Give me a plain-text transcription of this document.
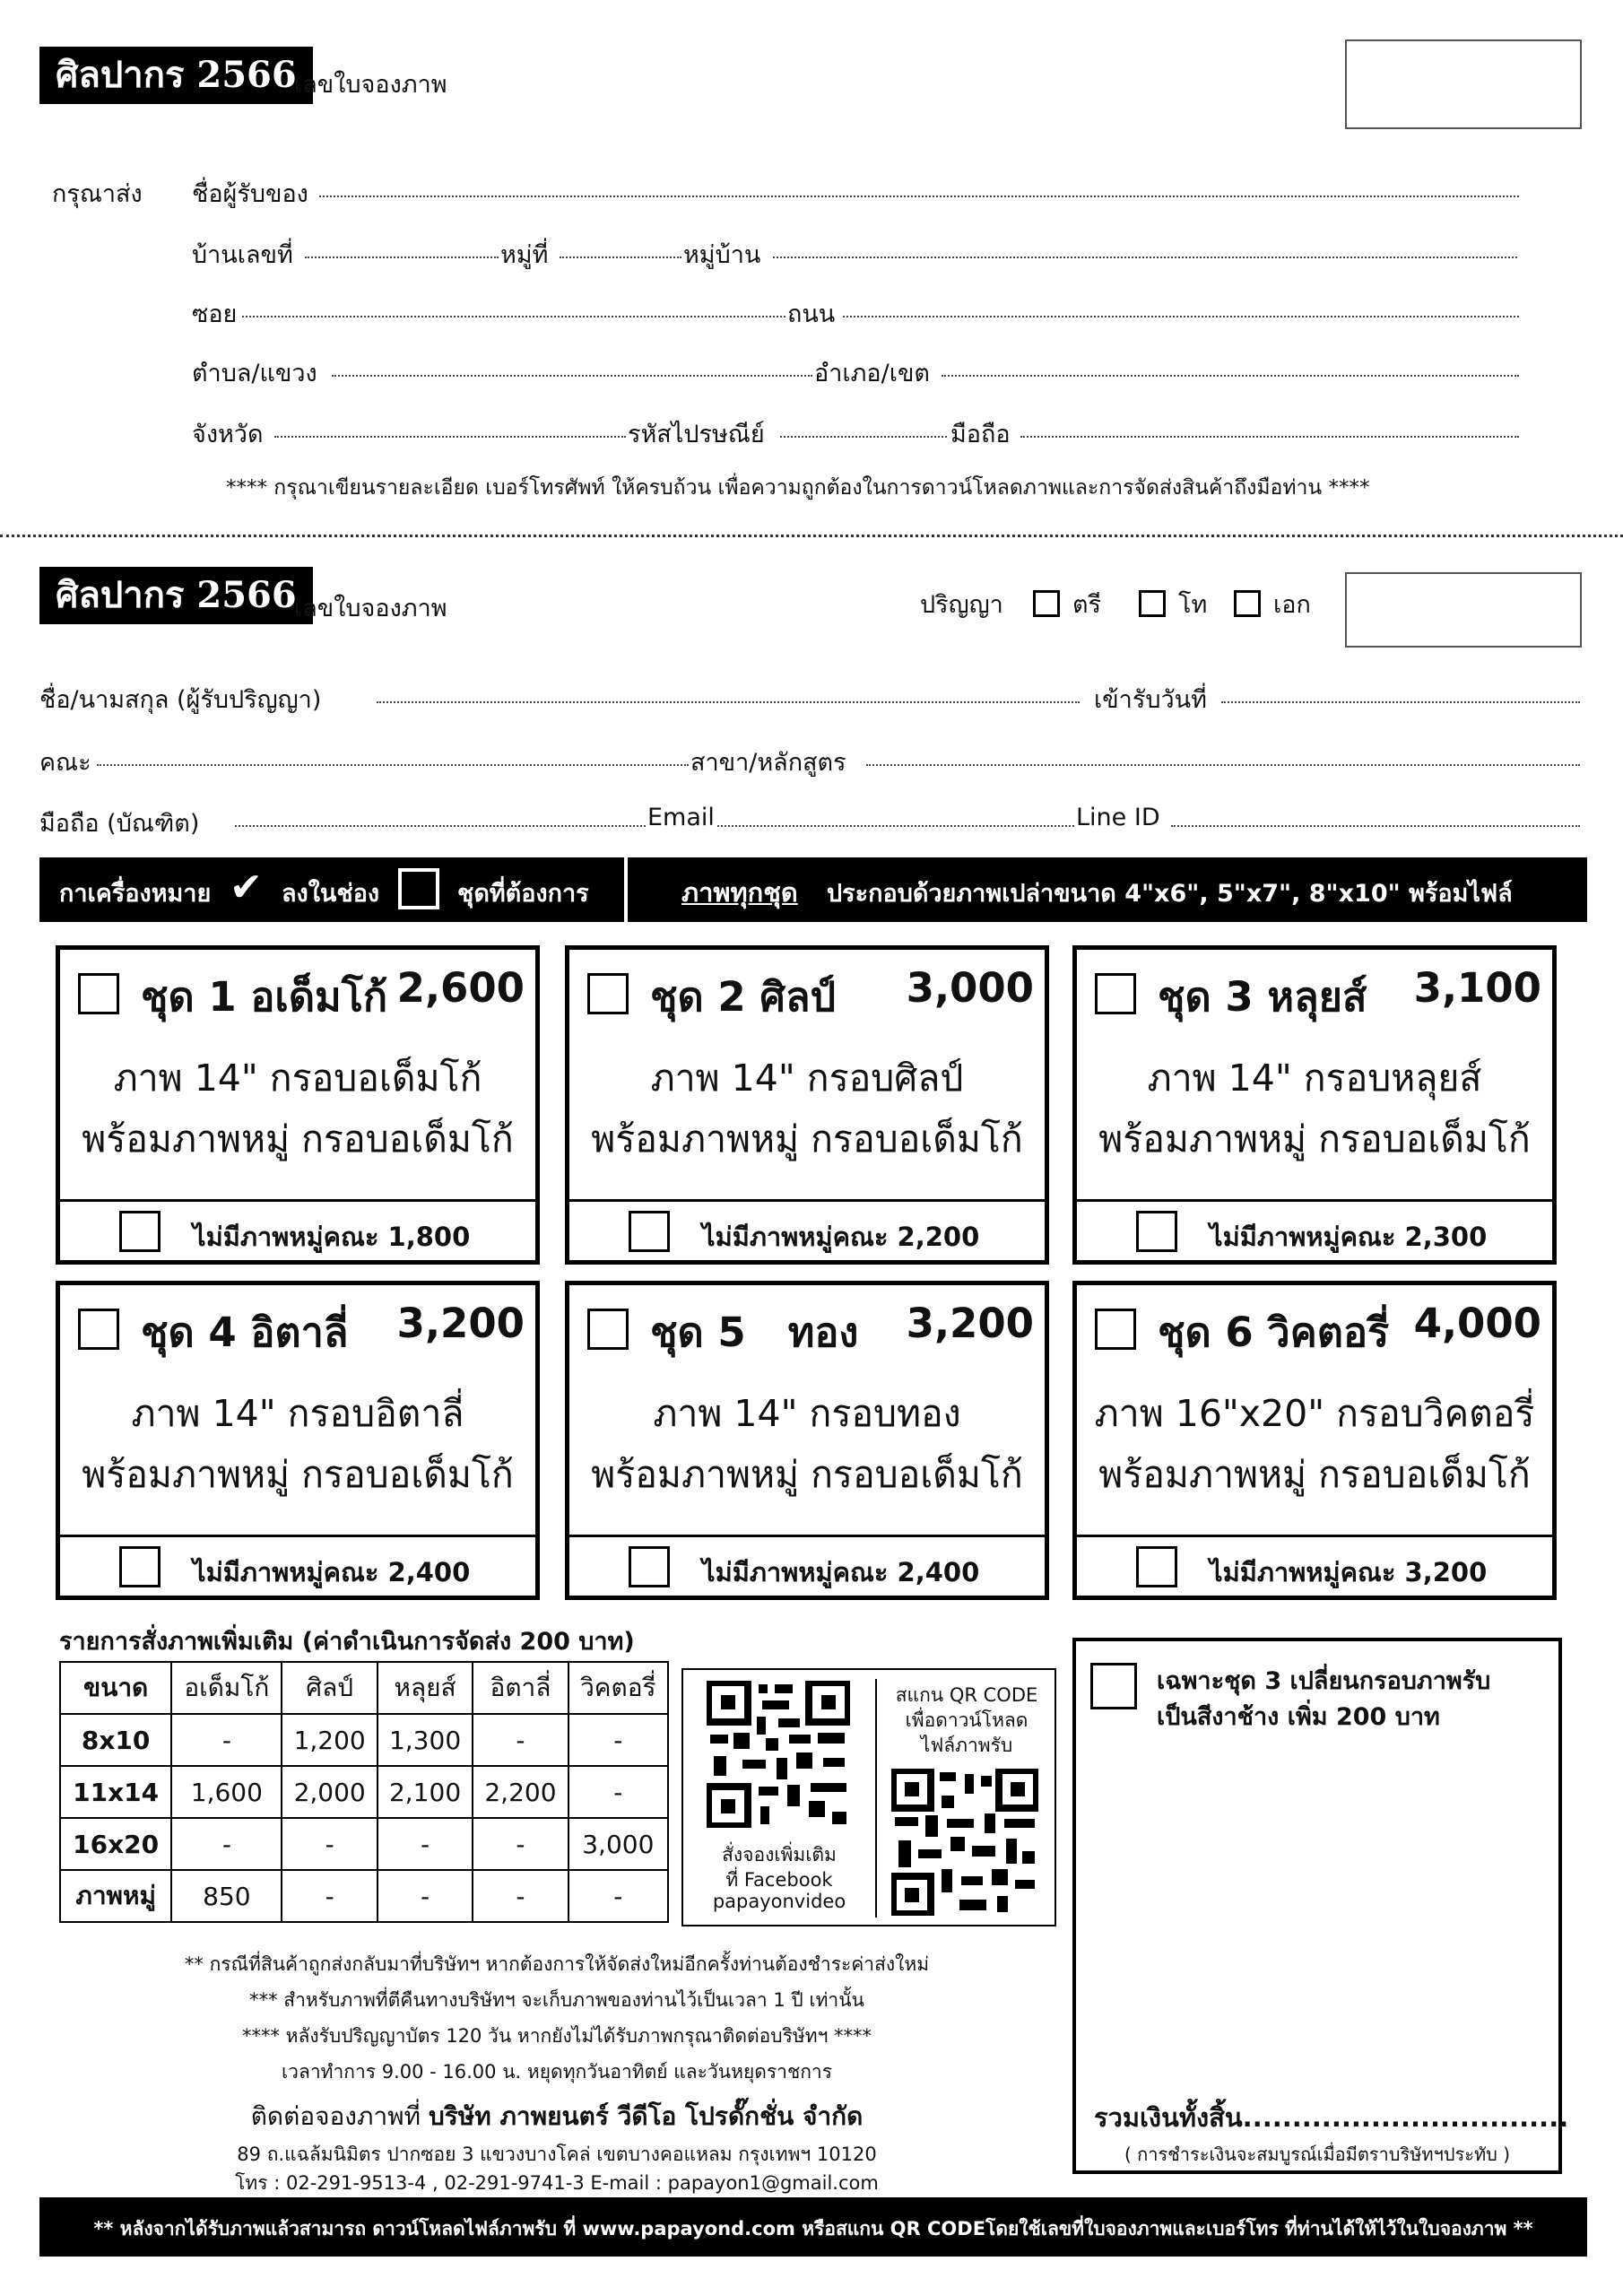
ศิลปากร 2566
เลขใบจองภาพ
กรุณาส่ง ชื่อผู้รับของ
บ้านเลขที่	หมู่ที่	หมู่บ้าน
ซอย	ถนน
ตำบล/แขวง	อำเภอ/เขต
จังหวัด	รหัสไปรษณีย์	มือถือ
**** กรุณาเขียนรายละเอียด เบอร์โทรศัพท์ ให้ครบถ้วน เพื่อความถูกต้องในการดาวน์โหลดภาพและการจัดส่งสินค้าถึงมือท่าน ****
ศิลปากร 2566
เลขใบจองภาพ	ปริญญา	ตรี	โท	เอก
ชื่อ/นามสกุล (ผู้รับปริญญา)	เข้ารับวันที่
คณะ	สาขา/หลักสูตร
มือถือ (บัณฑิต)	Email	Line ID
กาเครื่องหมาย ✔ ลงในช่อง	ชุดที่ต้องการ	ภาพทุกชุด ประกอบด้วยภาพเปล่าขนาด 4"x6", 5"x7", 8"x10" พร้อมไฟล์
ชุด 1 อเด็มโก้ 2,600
ภาพ 14" กรอบอเด็มโก้
พร้อมภาพหมู่ กรอบอเด็มโก้
ไม่มีภาพหมู่คณะ 1,800
ชุด 2 ศิลป์ 3,000
ภาพ 14" กรอบศิลป์
พร้อมภาพหมู่ กรอบอเด็มโก้
ไม่มีภาพหมู่คณะ 2,200
ชุด 3 หลุยส์ 3,100
ภาพ 14" กรอบหลุยส์
พร้อมภาพหมู่ กรอบอเด็มโก้
ไม่มีภาพหมู่คณะ 2,300
ชุด 4 อิตาลี่ 3,200
ภาพ 14" กรอบอิตาลี่
พร้อมภาพหมู่ กรอบอเด็มโก้
ไม่มีภาพหมู่คณะ 2,400
ชุด 5   ทอง 3,200
ภาพ 14" กรอบทอง
พร้อมภาพหมู่ กรอบอเด็มโก้
ไม่มีภาพหมู่คณะ 2,400
ชุด 6 วิคตอรี่ 4,000
ภาพ 16"x20" กรอบวิคตอรี่
พร้อมภาพหมู่ กรอบอเด็มโก้
ไม่มีภาพหมู่คณะ 3,200
รายการสั่งภาพเพิ่มเติม (ค่าดำเนินการจัดส่ง 200 บาท)
ขนาด	อเด็มโก้	ศิลป์	หลุยส์	อิตาลี่	วิคตอรี่
8x10	-	1,200	1,300	-	-
11x14	1,600	2,000	2,100	2,200	-
16x20	-	-	-	-	3,000
ภาพหมู่	850	-	-	-	-
สั่งจองเพิ่มเติม
ที่ Facebook
papayonvideo
สแกน QR CODE
เพื่อดาวน์โหลด
ไฟล์ภาพรับ
** กรณีที่สินค้าถูกส่งกลับมาที่บริษัทฯ หากต้องการให้จัดส่งใหม่อีกครั้งท่านต้องชำระค่าส่งใหม่
*** สำหรับภาพที่ตีคืนทางบริษัทฯ จะเก็บภาพของท่านไว้เป็นเวลา 1 ปี เท่านั้น
**** หลังรับปริญญาบัตร 120 วัน หากยังไม่ได้รับภาพกรุณาติดต่อบริษัทฯ ****
เวลาทำการ 9.00 - 16.00 น. หยุดทุกวันอาทิตย์ และวันหยุดราชการ
ติดต่อจองภาพที่ บริษัท ภาพยนตร์ วีดีโอ โปรดั๊กชั่น จำกัด
89 ถ.แฉล้มนิมิตร ปากซอย 3 แขวงบางโคล่ เขตบางคอแหลม กรุงเทพฯ 10120
โทร : 02-291-9513-4 , 02-291-9741-3 E-mail : papayon1@gmail.com
เฉพาะชุด 3 เปลี่ยนกรอบภาพรับ
เป็นสีงาช้าง เพิ่ม 200 บาท
รวมเงินทั้งสิ้น.................................
( การชำระเงินจะสมบูรณ์เมื่อมีตราบริษัทฯประทับ )
** หลังจากได้รับภาพแล้วสามารถ ดาวน์โหลดไฟล์ภาพรับ ที่ www.papayond.com หรือสแกน QR CODEโดยใช้เลขที่ใบจองภาพและเบอร์โทร ที่ท่านได้ให้ไว้ในใบจองภาพ **
